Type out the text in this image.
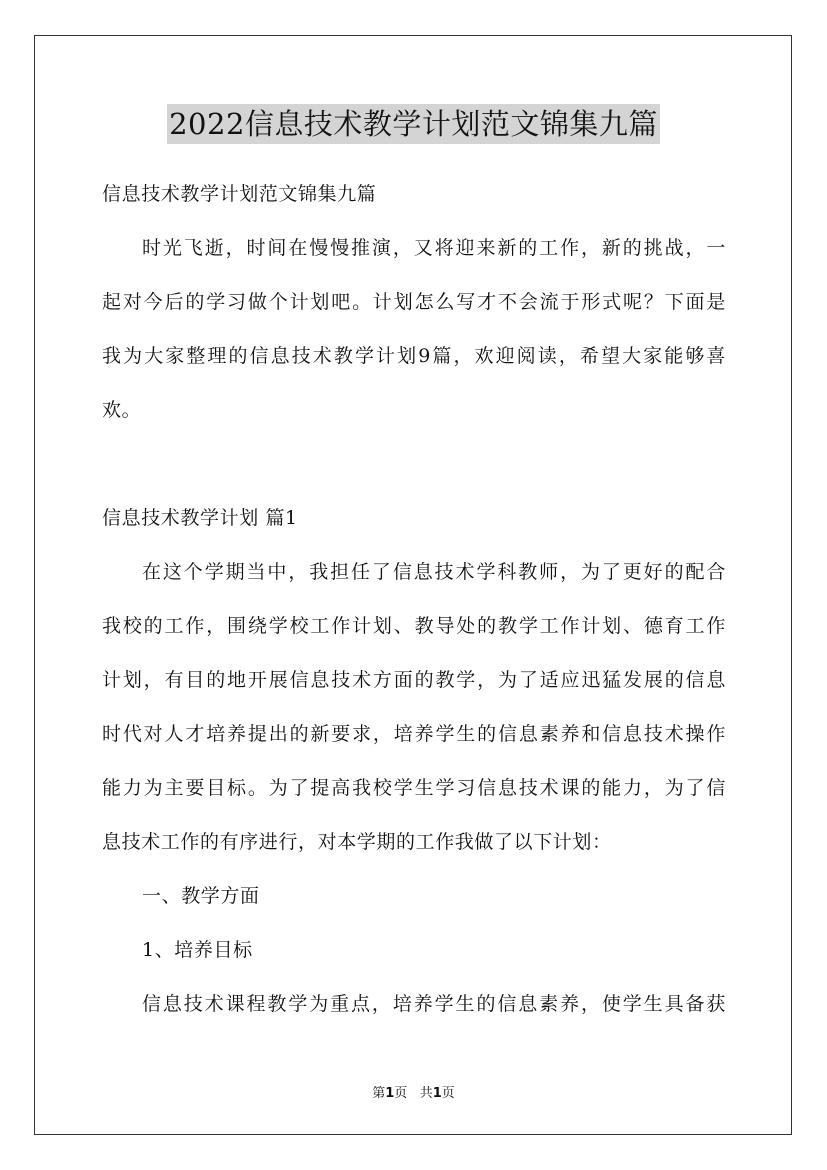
2022信息技术教学计划范文锦集九篇
信息技术教学计划范文锦集九篇
时光飞逝，时间在慢慢推演，又将迎来新的工作，新的挑战，一
起对今后的学习做个计划吧。计划怎么写才不会流于形式呢？下面是
我为大家整理的信息技术教学计划9篇，欢迎阅读，希望大家能够喜
欢。
信息技术教学计划 篇1
在这个学期当中，我担任了信息技术学科教师，为了更好的配合
我校的工作，围绕学校工作计划、教导处的教学工作计划、德育工作
计划，有目的地开展信息技术方面的教学，为了适应迅猛发展的信息
时代对人才培养提出的新要求，培养学生的信息素养和信息技术操作
能力为主要目标。为了提高我校学生学习信息技术课的能力，为了信
息技术工作的有序进行，对本学期的工作我做了以下计划：
一、教学方面
1、培养目标
信息技术课程教学为重点，培养学生的信息素养，使学生具备获
第1页 共1页
